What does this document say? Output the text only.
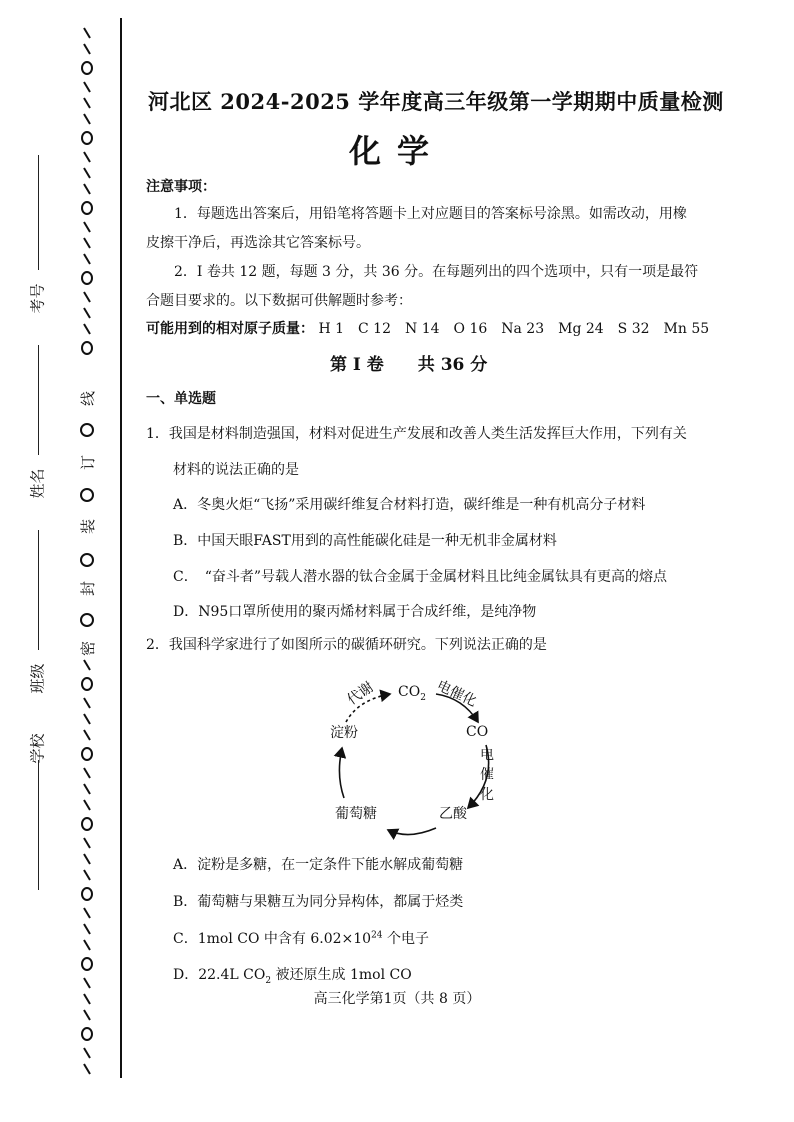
考号
姓名
班级
学校
线
订
装
封
密
河北区 2024-2025 学年度高三年级第一学期期中质量检测
化学
注意事项：
1．每题选出答案后，用铅笔将答题卡上对应题目的答案标号涂黑。如需改动，用橡
皮擦干净后，再选涂其它答案标号。
2．I 卷共 12 题，每题 3 分，共 36 分。在每题列出的四个选项中，只有一项是最符
合题目要求的。以下数据可供解题时参考：
可能用到的相对原子质量： H 1　C 12　N 14　O 16　Na 23　Mg 24　S 32　Mn 55
第 I 卷　　共 36 分
一、单选题
1．我国是材料制造强国，材料对促进生产发展和改善人类生活发挥巨大作用，下列有关
材料的说法正确的是
A．冬奥火炬“飞扬”采用碳纤维复合材料打造，碳纤维是一种有机高分子材料
B．中国天眼FAST用到的高性能碳化硅是一种无机非金属材料
C．　“奋斗者”号载人潜水器的钛合金属于金属材料且比纯金属钛具有更高的熔点
D．N95口罩所使用的聚丙烯材料属于合成纤维，是纯净物
2．我国科学家进行了如图所示的碳循环研究。下列说法正确的是
$CO_2$
CO
乙酸
葡萄糖
淀粉
代谢	电催化
电
催
化
A．淀粉是多糖，在一定条件下能水解成葡萄糖
B．葡萄糖与果糖互为同分异构体，都属于烃类
C．1mol CO 中含有 $6.02\times 10^{24}$ 个电子
D．22.4L $CO_2$ 被还原生成 1mol CO
高三化学第1页（共 8 页）
